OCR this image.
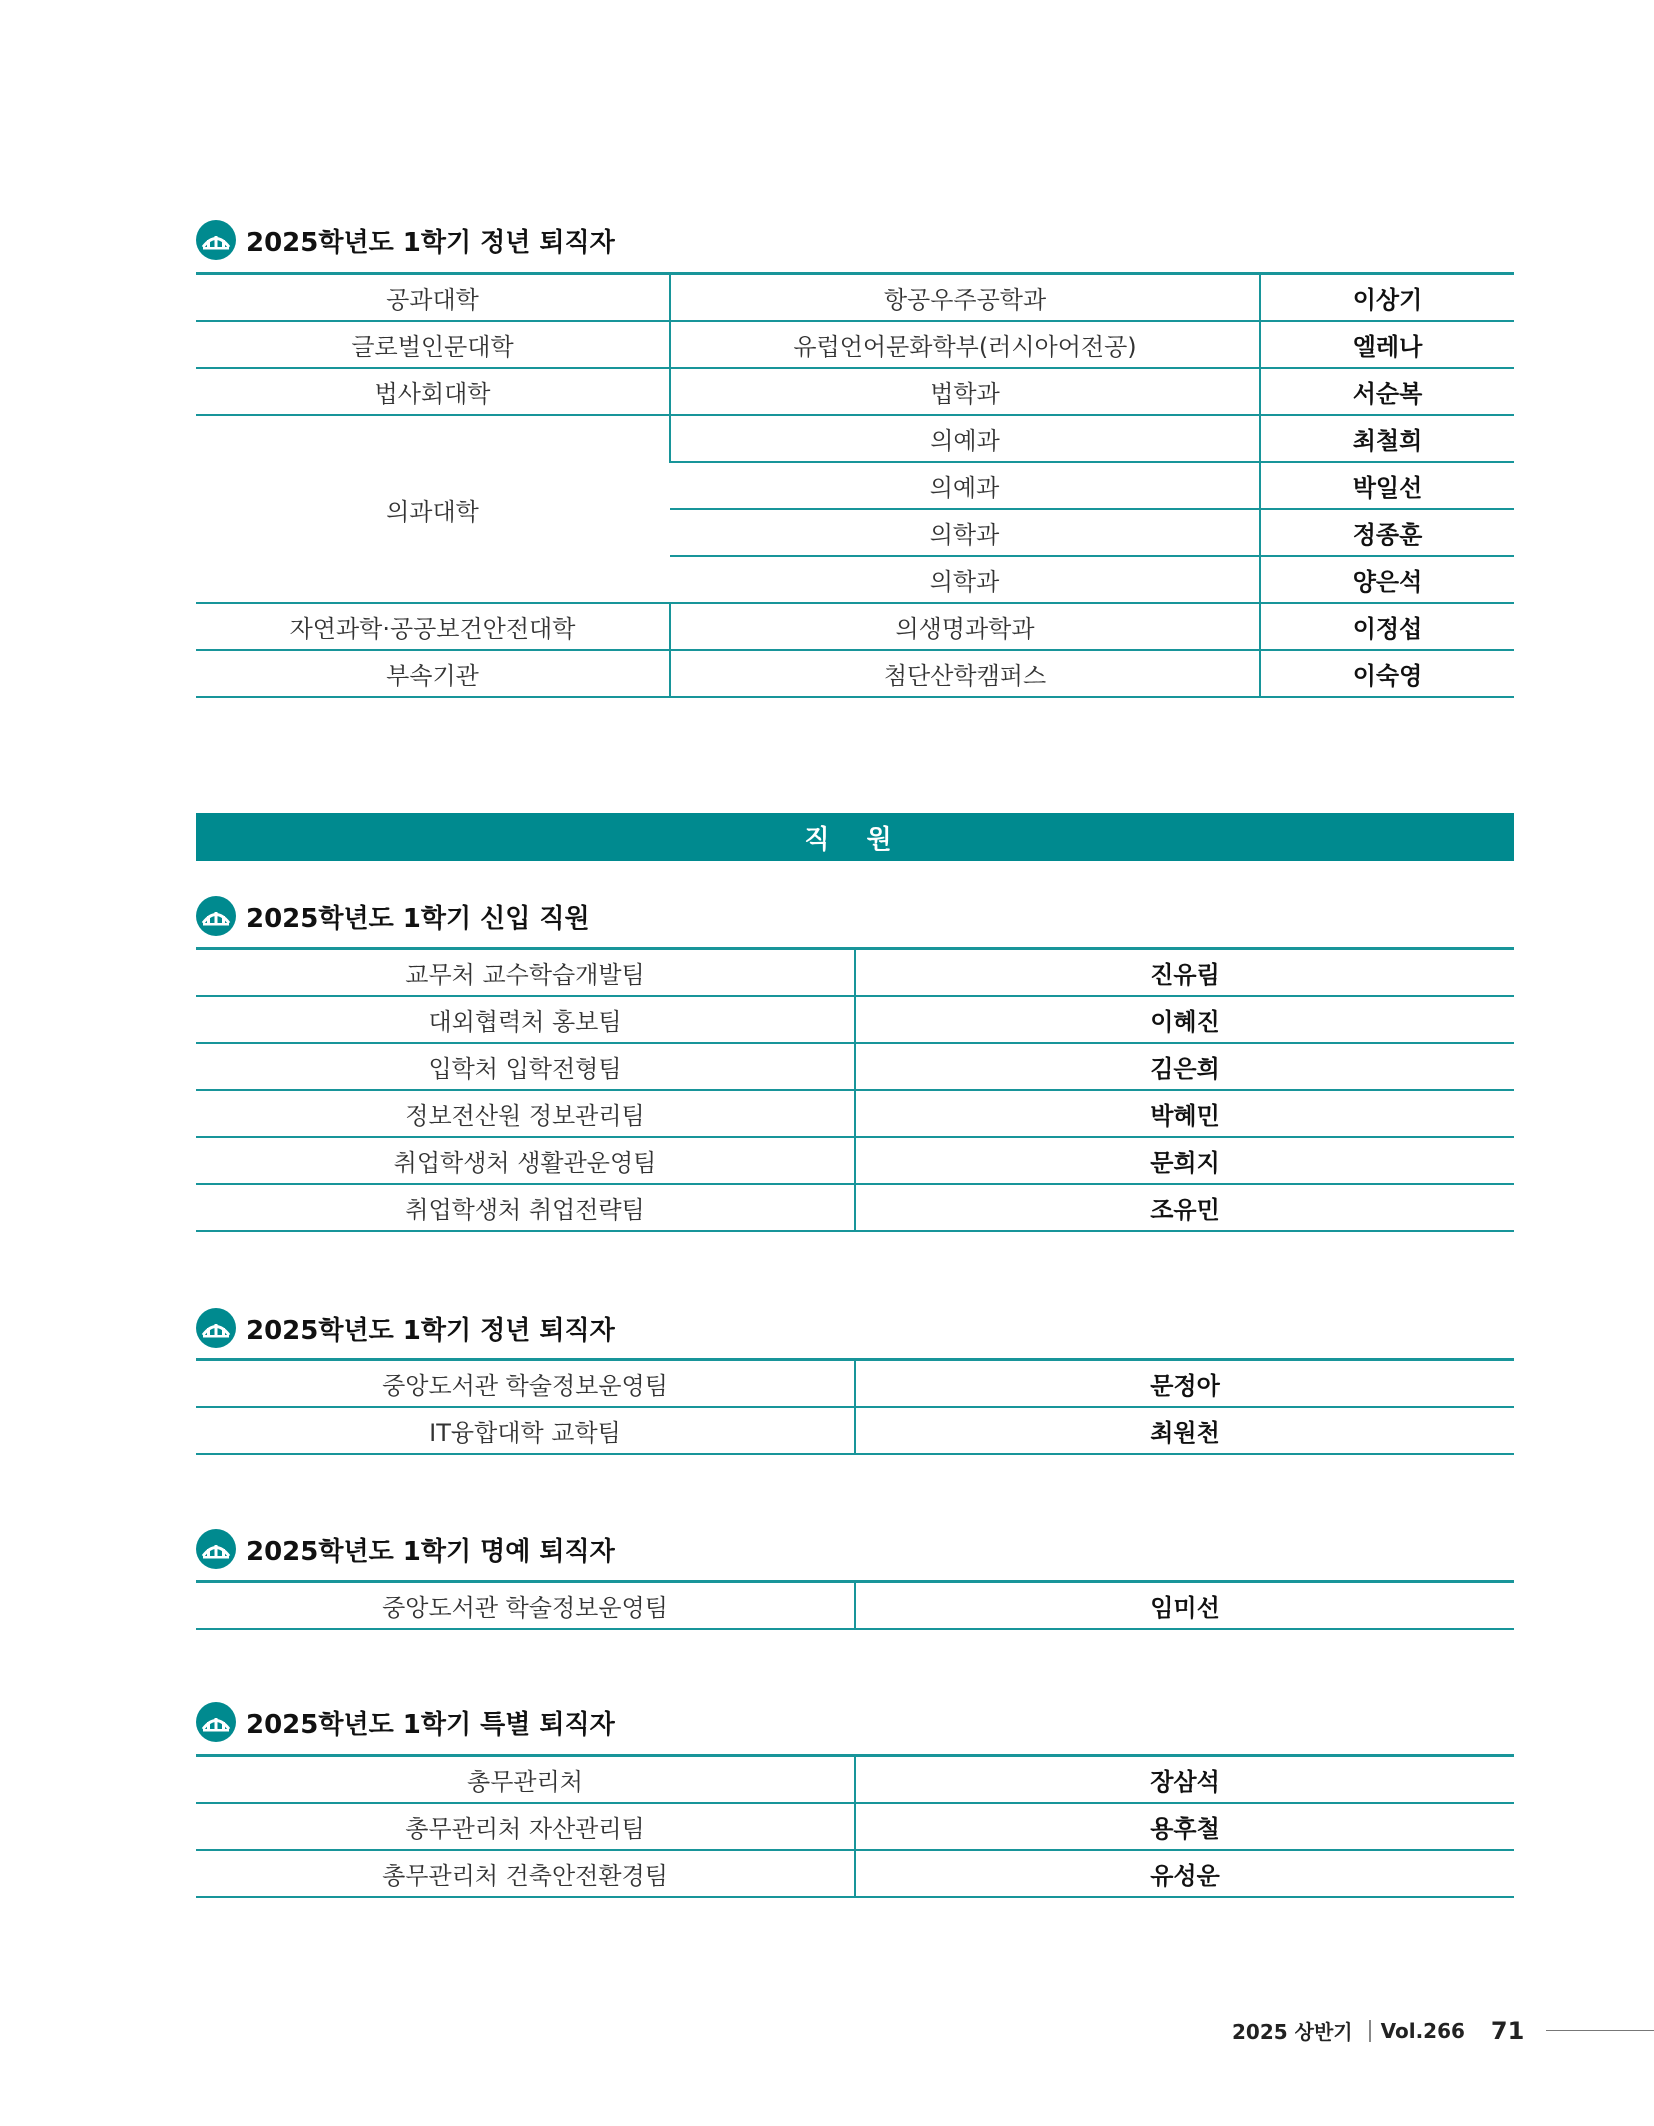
2025학년도 1학기 정년 퇴직자
공과대학	항공우주공학과	이상기
글로벌인문대학	유럽언어문화학부(러시아어전공)	엘레나
법사회대학	법학과	서순복
의과대학	의예과	최철희
	의예과	박일선
	의학과	정종훈
	의학과	양은석
자연과학·공공보건안전대학	의생명과학과	이정섭
부속기관	첨단산학캠퍼스	이숙영
직 원
2025학년도 1학기 신입 직원
교무처 교수학습개발팀	진유림
대외협력처 홍보팀	이혜진
입학처 입학전형팀	김은희
정보전산원 정보관리팀	박혜민
취업학생처 생활관운영팀	문희지
취업학생처 취업전략팀	조유민
2025학년도 1학기 정년 퇴직자
중앙도서관 학술정보운영팀	문정아
IT융합대학 교학팀	최원천
2025학년도 1학기 명예 퇴직자
중앙도서관 학술정보운영팀	임미선
2025학년도 1학기 특별 퇴직자
총무관리처	장삼석
총무관리처 자산관리팀	용후철
총무관리처 건축안전환경팀	유성운
2025 상반기 Vol.266 71
